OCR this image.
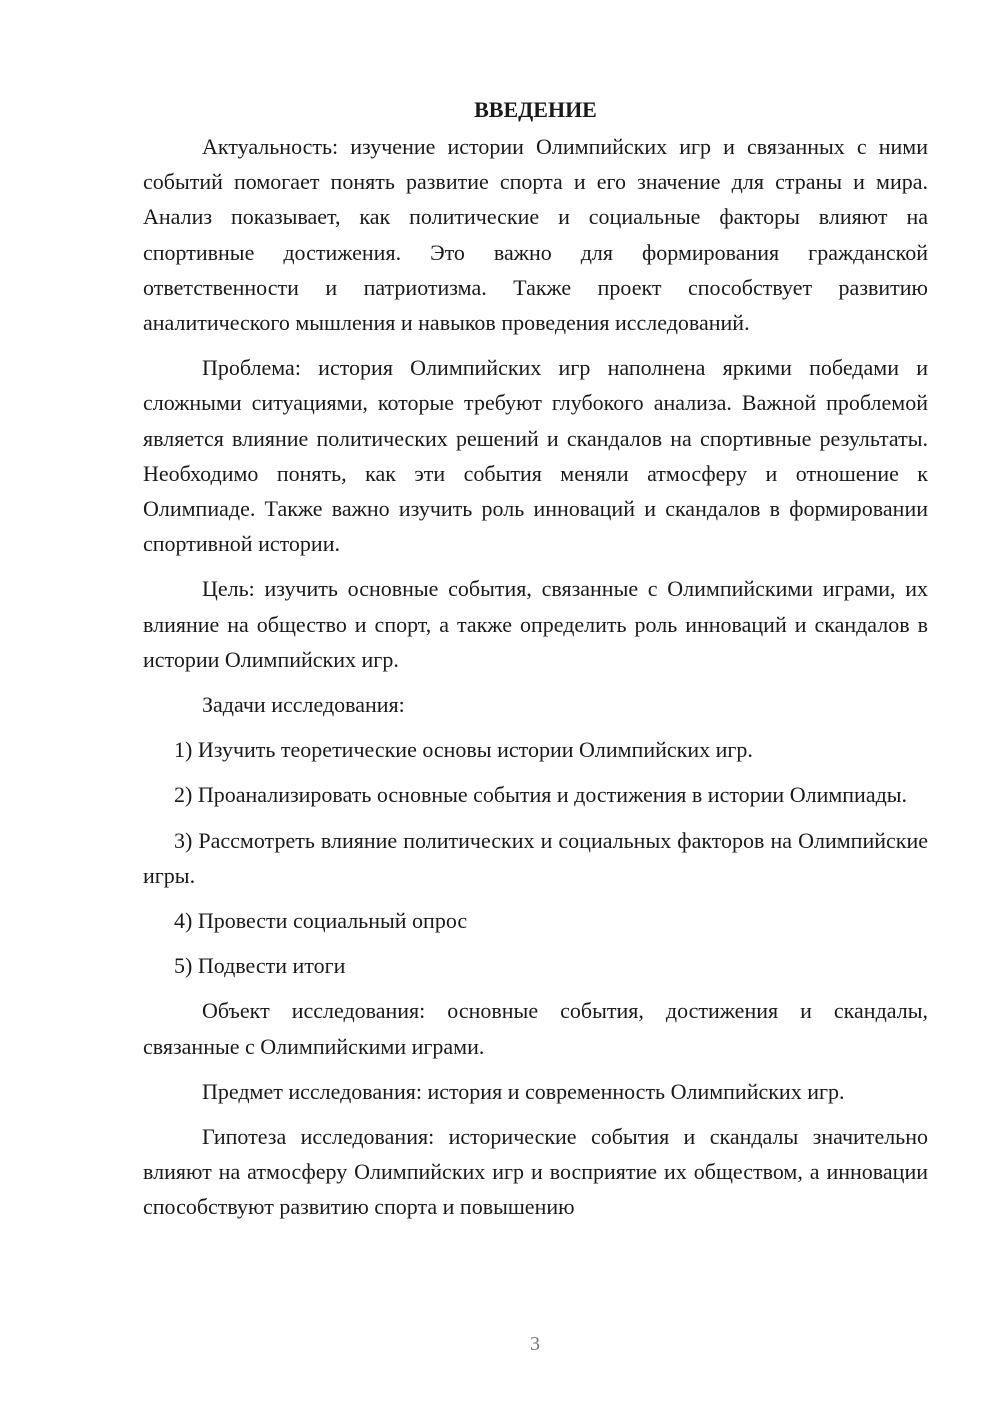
ВВЕДЕНИЕ

Актуальность: изучение истории Олимпийских игр и связанных с ними событий помогает понять развитие спорта и его значение для страны и мира. Анализ показывает, как политические и социальные факторы влияют на спортивные достижения. Это важно для формирования гражданской ответственности и патриотизма. Также проект способствует развитию аналитического мышления и навыков проведения исследований.

Проблема: история Олимпийских игр наполнена яркими победами и сложными ситуациями, которые требуют глубокого анализа. Важной проблемой является влияние политических решений и скандалов на спортивные результаты. Необходимо понять, как эти события меняли атмосферу и отношение к Олимпиаде. Также важно изучить роль инноваций и скандалов в формировании спортивной истории.

Цель: изучить основные события, связанные с Олимпийскими играми, их влияние на общество и спорт, а также определить роль инноваций и скандалов в истории Олимпийских игр.

Задачи исследования:

1) Изучить теоретические основы истории Олимпийских игр.

2) Проанализировать основные события и достижения в истории Олимпиады.

3) Рассмотреть влияние политических и социальных факторов на Олимпийские игры.

4) Провести социальный опрос

5) Подвести итоги

Объект исследования: основные события, достижения и скандалы, связанные с Олимпийскими играми.

Предмет исследования: история и современность Олимпийских игр.

Гипотеза исследования: исторические события и скандалы значительно влияют на атмосферу Олимпийских игр и восприятие их обществом, а инновации способствуют развитию спорта и повышению

3
